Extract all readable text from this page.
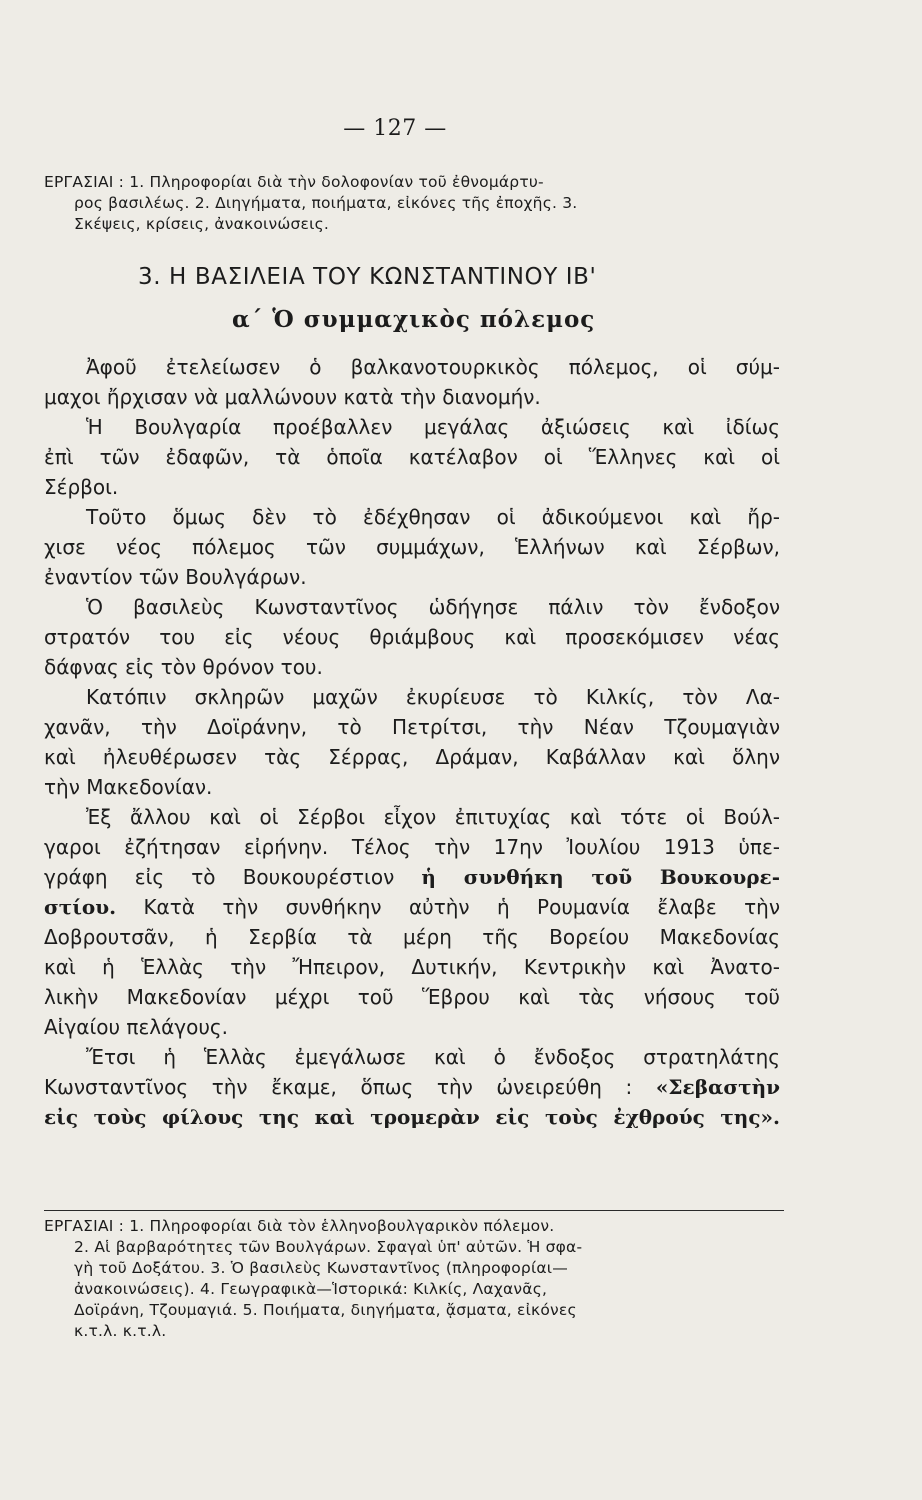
— 127 —
ΕΡΓΑΣΙΑΙ : 1. Πληροφορίαι διὰ τὴν δολοφονίαν τοῦ ἐθνομάρτυ-
ρος βασιλέως. 2. Διηγήματα, ποιήματα, εἰκόνες τῆς ἐποχῆς. 3.
Σκέψεις, κρίσεις, ἀνακοινώσεις.
3. Η ΒΑΣΙΛΕΙΑ ΤΟΥ ΚΩΝΣΤΑΝΤΙΝΟΥ ΙΒ'
α΄ Ὁ συμμαχικὸς πόλεμος
Ἀφοῦ ἐτελείωσεν ὁ βαλκανοτουρκικὸς πόλεμος, οἱ σύμ-
μαχοι ἤρχισαν νὰ μαλλώνουν κατὰ τὴν διανομήν.
Ἡ Βουλγαρία προέβαλλεν μεγάλας ἀξιώσεις καὶ ἰδίως
ἐπὶ τῶν ἐδαφῶν, τὰ ὁποῖα κατέλαβον οἱ Ἕλληνες καὶ οἱ
Σέρβοι.
Τοῦτο ὅμως δὲν τὸ ἐδέχθησαν οἱ ἀδικούμενοι καὶ ἤρ-
χισε νέος πόλεμος τῶν συμμάχων, Ἑλλήνων καὶ Σέρβων,
ἐναντίον τῶν Βουλγάρων.
Ὁ βασιλεὺς Κωνσταντῖνος ὡδήγησε πάλιν τὸν ἔνδοξον
στρατόν του εἰς νέους θριάμβους καὶ προσεκόμισεν νέας
δάφνας εἰς τὸν θρόνον του.
Κατόπιν σκληρῶν μαχῶν ἐκυρίευσε τὸ Κιλκίς, τὸν Λα-
χανᾶν, τὴν Δοϊράνην, τὸ Πετρίτσι, τὴν Νέαν Τζουμαγιὰν
καὶ ἠλευθέρωσεν τὰς Σέρρας, Δράμαν, Καβάλλαν καὶ ὅλην
τὴν Μακεδονίαν.
Ἐξ ἄλλου καὶ οἱ Σέρβοι εἶχον ἐπιτυχίας καὶ τότε οἱ Βούλ-
γαροι ἐζήτησαν εἰρήνην. Τέλος τὴν 17ην Ἰουλίου 1913 ὑπε-
γράφη εἰς τὸ Βουκουρέστιον ἡ συνθήκη τοῦ Βουκουρε-
στίου. Κατὰ τὴν συνθήκην αὐτὴν ἡ Ρουμανία ἔλαβε τὴν
Δοβρουτσᾶν, ἡ Σερβία τὰ μέρη τῆς Βορείου Μακεδονίας
καὶ ἡ Ἑλλὰς τὴν Ἤπειρον, Δυτικήν, Κεντρικὴν καὶ Ἀνατο-
λικὴν Μακεδονίαν μέχρι τοῦ Ἕβρου καὶ τὰς νήσους τοῦ
Αἰγαίου πελάγους.
Ἔτσι ἡ Ἑλλὰς ἐμεγάλωσε καὶ ὁ ἔνδοξος στρατηλάτης
Κωνσταντῖνος τὴν ἔκαμε, ὅπως τὴν ὠνειρεύθη : «Σεβαστὴν
εἰς τοὺς φίλους της καὶ τρομερὰν εἰς τοὺς ἐχθρούς της».
ΕΡΓΑΣΙΑΙ : 1. Πληροφορίαι διὰ τὸν ἑλληνοβουλγαρικὸν πόλεμον.
2. Αἱ βαρβαρότητες τῶν Βουλγάρων. Σφαγαὶ ὑπ' αὐτῶν. Ἡ σφα-
γὴ τοῦ Δοξάτου. 3. Ὁ βασιλεὺς Κωνσταντῖνος (πληροφορίαι—
ἀνακοινώσεις). 4. Γεωγραφικὰ—Ἱστορικά: Κιλκίς, Λαχανᾶς,
Δοϊράνη, Τζουμαγιά. 5. Ποιήματα, διηγήματα, ᾄσματα, εἰκόνες
κ.τ.λ. κ.τ.λ.
